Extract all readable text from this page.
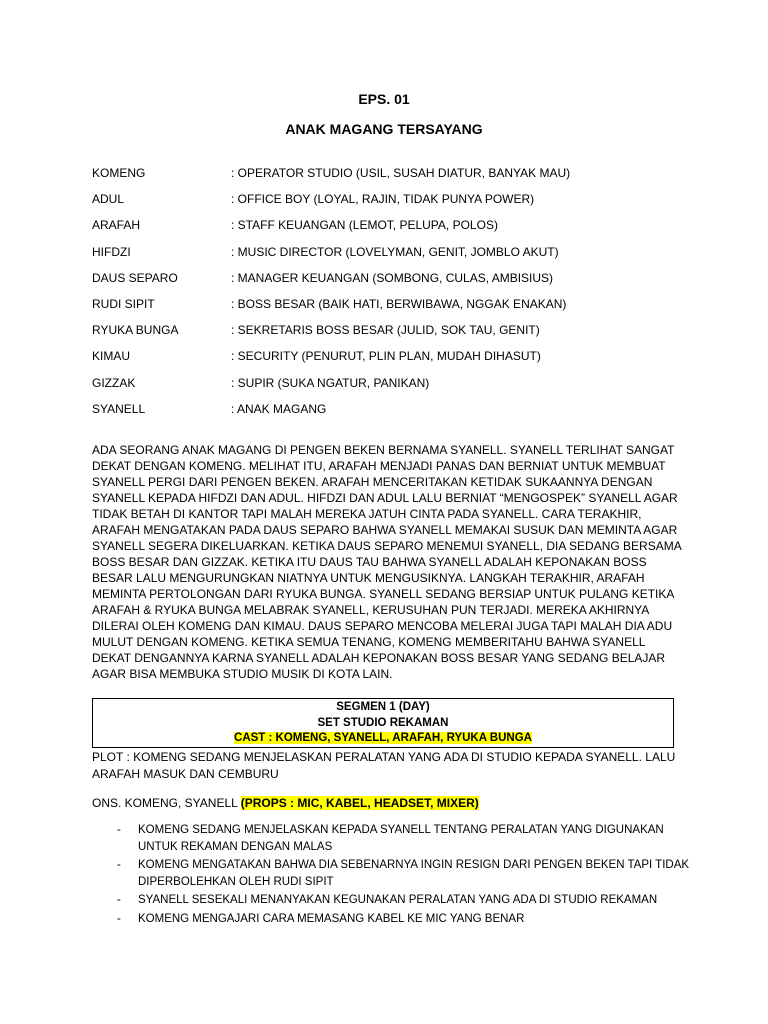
EPS. 01
ANAK MAGANG TERSAYANG
KOMENG	: OPERATOR STUDIO (USIL, SUSAH DIATUR, BANYAK MAU)
ADUL	: OFFICE BOY (LOYAL, RAJIN, TIDAK PUNYA POWER)
ARAFAH	: STAFF KEUANGAN (LEMOT, PELUPA, POLOS)
HIFDZI	: MUSIC DIRECTOR (LOVELYMAN, GENIT, JOMBLO AKUT)
DAUS SEPARO	: MANAGER KEUANGAN (SOMBONG, CULAS, AMBISIUS)
RUDI SIPIT	: BOSS BESAR (BAIK HATI, BERWIBAWA, NGGAK ENAKAN)
RYUKA BUNGA	: SEKRETARIS BOSS BESAR (JULID, SOK TAU, GENIT)
KIMAU	: SECURITY (PENURUT, PLIN PLAN, MUDAH DIHASUT)
GIZZAK	: SUPIR (SUKA NGATUR, PANIKAN)
SYANELL	: ANAK MAGANG
ADA SEORANG ANAK MAGANG DI PENGEN BEKEN BERNAMA SYANELL. SYANELL TERLIHAT SANGAT DEKAT DENGAN KOMENG. MELIHAT ITU, ARAFAH MENJADI PANAS DAN BERNIAT UNTUK MEMBUAT SYANELL PERGI DARI PENGEN BEKEN. ARAFAH MENCERITAKAN KETIDAK SUKAANNYA DENGAN SYANELL KEPADA HIFDZI DAN ADUL. HIFDZI DAN ADUL LALU BERNIAT “MENGOSPEK” SYANELL AGAR TIDAK BETAH DI KANTOR TAPI MALAH MEREKA JATUH CINTA PADA SYANELL. CARA TERAKHIR, ARAFAH MENGATAKAN PADA DAUS SEPARO BAHWA SYANELL MEMAKAI SUSUK DAN MEMINTA AGAR SYANELL SEGERA DIKELUARKAN. KETIKA DAUS SEPARO MENEMUI SYANELL, DIA SEDANG BERSAMA BOSS BESAR DAN GIZZAK. KETIKA ITU DAUS TAU BAHWA SYANELL ADALAH KEPONAKAN BOSS BESAR LALU MENGURUNGKAN NIATNYA UNTUK MENGUSIKNYA. LANGKAH TERAKHIR, ARAFAH MEMINTA PERTOLONGAN DARI RYUKA BUNGA. SYANELL SEDANG BERSIAP UNTUK PULANG KETIKA ARAFAH & RYUKA BUNGA MELABRAK SYANELL, KERUSUHAN PUN TERJADI. MEREKA AKHIRNYA DILERAI OLEH KOMENG DAN KIMAU. DAUS SEPARO MENCOBA MELERAI JUGA TAPI MALAH DIA ADU MULUT DENGAN KOMENG. KETIKA SEMUA TENANG, KOMENG MEMBERITAHU BAHWA SYANELL DEKAT DENGANNYA KARNA SYANELL ADALAH KEPONAKAN BOSS BESAR YANG SEDANG BELAJAR AGAR BISA MEMBUKA STUDIO MUSIK DI KOTA LAIN.
SEGMEN 1 (DAY)
SET STUDIO REKAMAN
CAST : KOMENG, SYANELL, ARAFAH, RYUKA BUNGA
PLOT : KOMENG SEDANG MENJELASKAN PERALATAN YANG ADA DI STUDIO KEPADA SYANELL. LALU ARAFAH MASUK DAN CEMBURU
ONS. KOMENG, SYANELL (PROPS : MIC, KABEL, HEADSET, MIXER)
- KOMENG SEDANG MENJELASKAN KEPADA SYANELL TENTANG PERALATAN YANG DIGUNAKAN UNTUK REKAMAN DENGAN MALAS
- KOMENG MENGATAKAN BAHWA DIA SEBENARNYA INGIN RESIGN DARI PENGEN BEKEN TAPI TIDAK DIPERBOLEHKAN OLEH RUDI SIPIT
- SYANELL SESEKALI MENANYAKAN KEGUNAKAN PERALATAN YANG ADA DI STUDIO REKAMAN
- KOMENG MENGAJARI CARA MEMASANG KABEL KE MIC YANG BENAR
